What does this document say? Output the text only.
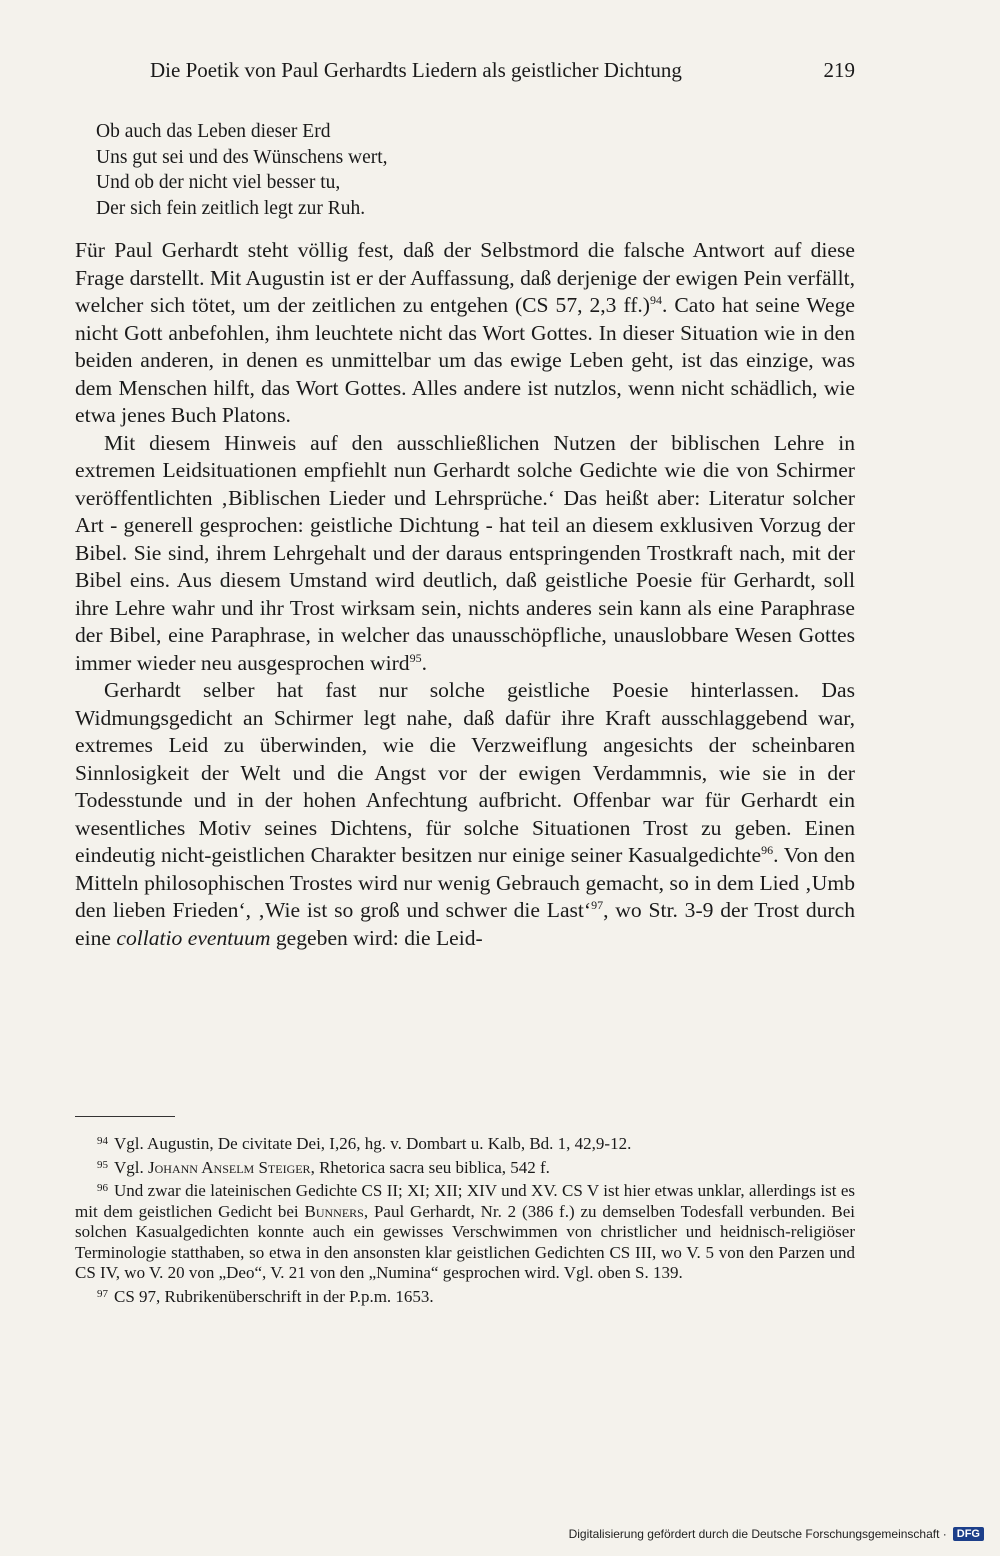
Die Poetik von Paul Gerhardts Liedern als geistlicher Dichtung	219
Ob auch das Leben dieser Erd
Uns gut sei und des Wünschens wert,
Und ob der nicht viel besser tu,
Der sich fein zeitlich legt zur Ruh.

Für Paul Gerhardt steht völlig fest, daß der Selbstmord die falsche Antwort auf diese Frage darstellt. Mit Augustin ist er der Auffassung, daß derjenige der ewigen Pein verfällt, welcher sich tötet, um der zeitlichen zu entgehen (CS 57, 2,3 ff.)$^{94}$. Cato hat seine Wege nicht Gott anbefohlen, ihm leuchtete nicht das Wort Gottes. In dieser Situation wie in den beiden anderen, in denen es unmittelbar um das ewige Leben geht, ist das einzige, was dem Menschen hilft, das Wort Gottes. Alles andere ist nutzlos, wenn nicht schädlich, wie etwa jenes Buch Platons.

Mit diesem Hinweis auf den ausschließlichen Nutzen der biblischen Lehre in extremen Leidsituationen empfiehlt nun Gerhardt solche Gedichte wie die von Schirmer veröffentlichten ‚Biblischen Lieder und Lehrsprüche.‘ Das heißt aber: Literatur solcher Art - generell gesprochen: geistliche Dichtung - hat teil an diesem exklusiven Vorzug der Bibel. Sie sind, ihrem Lehrgehalt und der daraus entspringenden Trostkraft nach, mit der Bibel eins. Aus diesem Umstand wird deutlich, daß geistliche Poesie für Gerhardt, soll ihre Lehre wahr und ihr Trost wirksam sein, nichts anderes sein kann als eine Paraphrase der Bibel, eine Paraphrase, in welcher das unausschöpfliche, unauslobbare Wesen Gottes immer wieder neu ausgesprochen wird$^{95}$.

Gerhardt selber hat fast nur solche geistliche Poesie hinterlassen. Das Widmungsgedicht an Schirmer legt nahe, daß dafür ihre Kraft ausschlaggebend war, extremes Leid zu überwinden, wie die Verzweiflung angesichts der scheinbaren Sinnlosigkeit der Welt und die Angst vor der ewigen Verdammnis, wie sie in der Todesstunde und in der hohen Anfechtung aufbricht. Offenbar war für Gerhardt ein wesentliches Motiv seines Dichtens, für solche Situationen Trost zu geben. Einen eindeutig nicht-geistlichen Charakter besitzen nur einige seiner Kasualgedichte$^{96}$. Von den Mitteln philosophischen Trostes wird nur wenig Gebrauch gemacht, so in dem Lied ‚Umb den lieben Frieden‘, ‚Wie ist so groß und schwer die Last‘$^{97}$, wo Str. 3-9 der Trost durch eine collatio eventuum gegeben wird: die Leid-

$^{94}$ Vgl. Augustin, De civitate Dei, I,26, hg. v. Dombart u. Kalb, Bd. 1, 42,9-12.

$^{95}$ Vgl. Johann Anselm Steiger, Rhetorica sacra seu biblica, 542 f.

$^{96}$ Und zwar die lateinischen Gedichte CS II; XI; XII; XIV und XV. CS V ist hier etwas unklar, allerdings ist es mit dem geistlichen Gedicht bei Bunners, Paul Gerhardt, Nr. 2 (386 f.) zu demselben Todesfall verbunden. Bei solchen Kasualgedichten konnte auch ein gewisses Verschwimmen von christlicher und heidnisch-religiöser Terminologie statthaben, so etwa in den ansonsten klar geistlichen Gedichten CS III, wo V. 5 von den Parzen und CS IV, wo V. 20 von „Deo“, V. 21 von den „Numina“ gesprochen wird. Vgl. oben S. 139.

$^{97}$ CS 97, Rubrikenüberschrift in der P.p.m. 1653.

Digitalisierung gefördert durch die Deutsche Forschungsgemeinschaft · DFG
